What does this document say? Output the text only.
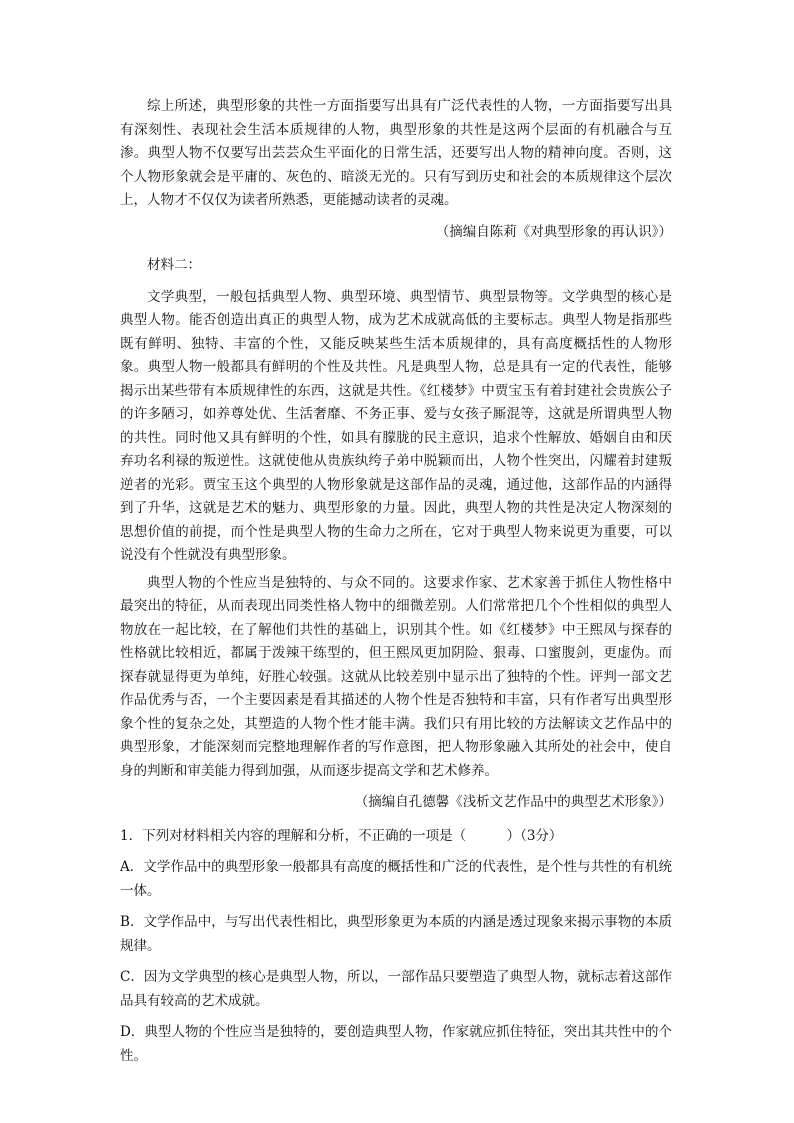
综上所述，典型形象的共性一方面指要写出具有广泛代表性的人物，一方面指要写出具有深刻性、表现社会生活本质规律的人物，典型形象的共性是这两个层面的有机融合与互渗。典型人物不仅要写出芸芸众生平面化的日常生活，还要写出人物的精神向度。否则，这个人物形象就会是平庸的、灰色的、暗淡无光的。只有写到历史和社会的本质规律这个层次上，人物才不仅仅为读者所熟悉，更能撼动读者的灵魂。

（摘编自陈莉《对典型形象的再认识》）

材料二：

文学典型，一般包括典型人物、典型环境、典型情节、典型景物等。文学典型的核心是典型人物。能否创造出真正的典型人物，成为艺术成就高低的主要标志。典型人物是指那些既有鲜明、独特、丰富的个性，又能反映某些生活本质规律的，具有高度概括性的人物形象。典型人物一般都具有鲜明的个性及共性。凡是典型人物，总是具有一定的代表性，能够揭示出某些带有本质规律性的东西，这就是共性。《红楼梦》中贾宝玉有着封建社会贵族公子的许多陋习，如养尊处优、生活奢靡、不务正事、爱与女孩子厮混等，这就是所谓典型人物的共性。同时他又具有鲜明的个性，如具有朦胧的民主意识，追求个性解放、婚姻自由和厌弃功名利禄的叛逆性。这就使他从贵族纨绔子弟中脱颖而出，人物个性突出，闪耀着封建叛逆者的光彩。贾宝玉这个典型的人物形象就是这部作品的灵魂，通过他，这部作品的内涵得到了升华，这就是艺术的魅力、典型形象的力量。因此，典型人物的共性是决定人物深刻的思想价值的前提，而个性是典型人物的生命力之所在，它对于典型人物来说更为重要，可以说没有个性就没有典型形象。

典型人物的个性应当是独特的、与众不同的。这要求作家、艺术家善于抓住人物性格中最突出的特征，从而表现出同类性格人物中的细微差别。人们常常把几个个性相似的典型人物放在一起比较，在了解他们共性的基础上，识别其个性。如《红楼梦》中王熙凤与探春的性格就比较相近，都属于泼辣干练型的，但王熙凤更加阴险、狠毒、口蜜腹剑，更虚伪。而探春就显得更为单纯，好胜心较强。这就从比较差别中显示出了独特的个性。评判一部文艺作品优秀与否，一个主要因素是看其描述的人物个性是否独特和丰富，只有作者写出典型形象个性的复杂之处，其塑造的人物个性才能丰满。我们只有用比较的方法解读文艺作品中的典型形象，才能深刻而完整地理解作者的写作意图，把人物形象融入其所处的社会中，使自身的判断和审美能力得到加强，从而逐步提高文学和艺术修养。

（摘编自孔德馨《浅析文艺作品中的典型艺术形象》）

1．下列对材料相关内容的理解和分析，不正确的一项是（　　　）（3分）

A．文学作品中的典型形象一般都具有高度的概括性和广泛的代表性，是个性与共性的有机统一体。

B．文学作品中，与写出代表性相比，典型形象更为本质的内涵是透过现象来揭示事物的本质规律。

C．因为文学典型的核心是典型人物，所以，一部作品只要塑造了典型人物，就标志着这部作品具有较高的艺术成就。

D．典型人物的个性应当是独特的，要创造典型人物，作家就应抓住特征，突出其共性中的个性。
